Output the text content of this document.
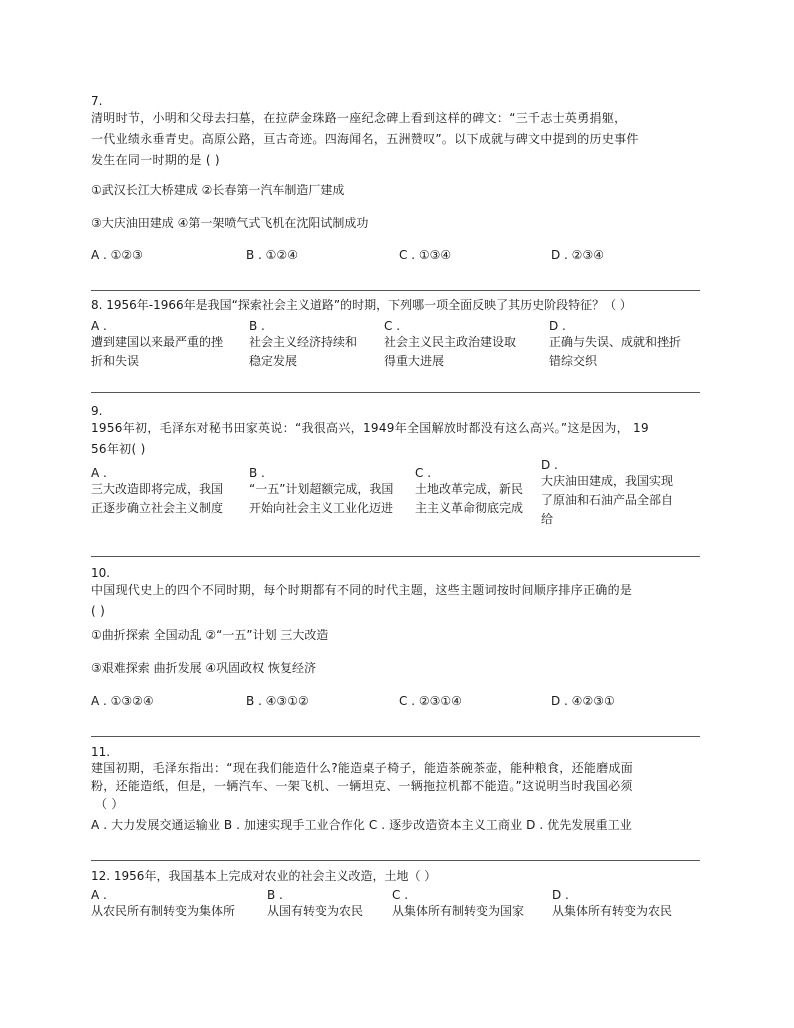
7.
清明时节，小明和父母去扫墓，在拉萨金珠路一座纪念碑上看到这样的碑文：“三千志士英勇捐躯，
一代业绩永垂青史。高原公路，亘古奇迹。四海闻名，五洲赞叹”。以下成就与碑文中提到的历史事件
发生在同一时期的是 ( )
①武汉长江大桥建成 ②长春第一汽车制造厂建成
③大庆油田建成 ④第一架喷气式飞机在沈阳试制成功
A . ①②③	B . ①②④	C . ①③④	D . ②③④
8. 1956年-1966年是我国“探索社会主义道路”的时期，下列哪一项全面反映了其历史阶段特征？（ ）
A .
遭到建国以来最严重的挫
折和失误
B .
社会主义经济持续和
稳定发展
C .
社会主义民主政治建设取
得重大进展
D .
正确与失误、成就和挫折
错综交织
9.
1956年初，毛泽东对秘书田家英说：“我很高兴，1949年全国解放时都没有这么高兴。”这是因为， 19
56年初( )
A .
三大改造即将完成，我国
正逐步确立社会主义制度
B .
“一五”计划超额完成，我国
开始向社会主义工业化迈进
C .
土地改革完成，新民
主主义革命彻底完成
D .
大庆油田建成，我国实现
了原油和石油产品全部自
给
10.
中国现代史上的四个不同时期，每个时期都有不同的时代主题，这些主题词按时间顺序排序正确的是
( )
①曲折探索 全国动乱 ②“一五”计划 三大改造
③艰难探索 曲折发展 ④巩固政权 恢复经济
A . ①③②④	B . ④③①②	C . ②③①④	D . ④②③①
11.
建国初期，毛泽东指出：“现在我们能造什么?能造桌子椅子，能造茶碗茶壶，能种粮食，还能磨成面
粉，还能造纸，但是，一辆汽车、一架飞机、一辆坦克、一辆拖拉机都不能造。”这说明当时我国必须
（ ）
A . 大力发展交通运输业 B . 加速实现手工业合作化 C . 逐步改造资本主义工商业 D . 优先发展重工业
12. 1956年，我国基本上完成对农业的社会主义改造，土地（ ）
A .
从农民所有制转变为集体所
B .
从国有转变为农民
C .
从集体所有制转变为国家
D .
从集体所有转变为农民
